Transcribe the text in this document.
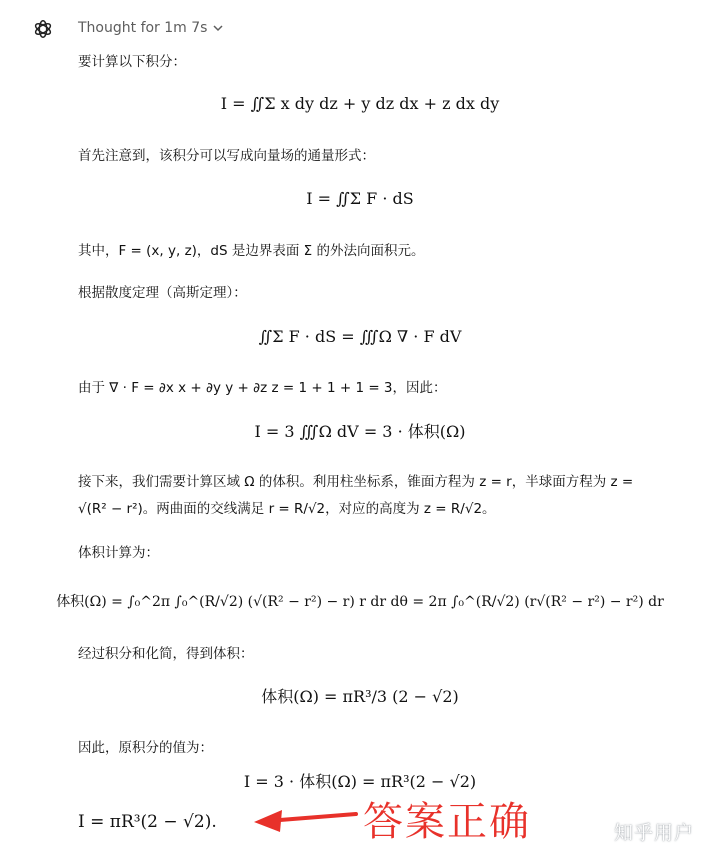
Thought for 1m 7s
要计算以下积分：
I = ∬Σ x dy dz + y dz dx + z dx dy
首先注意到，该积分可以写成向量场的通量形式：
I = ∬Σ F · dS
其中，F = (x, y, z)，dS 是边界表面 Σ 的外法向面积元。
根据散度定理（高斯定理）：
∬Σ F · dS = ∭Ω ∇ · F dV
由于 ∇ · F = ∂x x + ∂y y + ∂z z = 1 + 1 + 1 = 3，因此：
I = 3 ∭Ω dV = 3 · 体积(Ω)
接下来，我们需要计算区域 Ω 的体积。利用柱坐标系，锥面方程为 z = r，半球面方程为 z =
√(R² − r²)。两曲面的交线满足 r = R/√2，对应的高度为 z = R/√2。
体积计算为：
体积(Ω) = ∫₀^2π ∫₀^(R/√2) (√(R² − r²) − r) r dr dθ = 2π ∫₀^(R/√2) (r√(R² − r²) − r²) dr
经过积分和化简，得到体积：
体积(Ω) = πR³/3 (2 − √2)
因此，原积分的值为：
I = 3 · 体积(Ω) = πR³(2 − √2)
I = πR³(2 − √2).	答案正确	知乎用户
